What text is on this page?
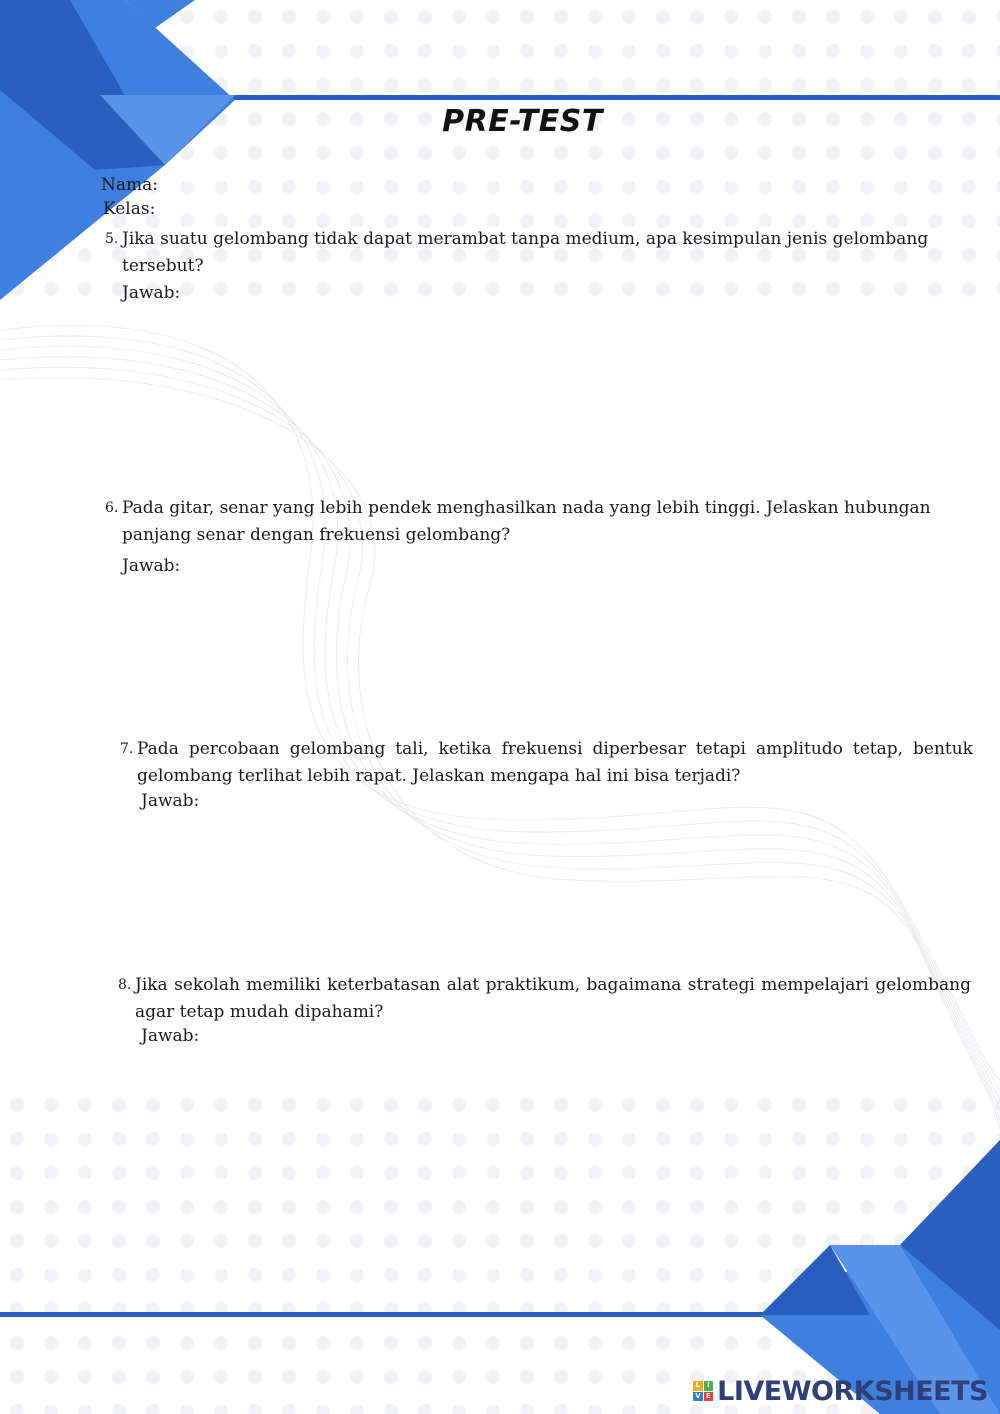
PRE-TEST
Nama:
Kelas:
5. Jika suatu gelombang tidak dapat merambat tanpa medium, apa kesimpulan jenis gelombang tersebut?
Jawab:
6. Pada gitar, senar yang lebih pendek menghasilkan nada yang lebih tinggi. Jelaskan hubungan panjang senar dengan frekuensi gelombang?
Jawab:
7. Pada percobaan gelombang tali, ketika frekuensi diperbesar tetapi amplitudo tetap, bentuk gelombang terlihat lebih rapat. Jelaskan mengapa hal ini bisa terjadi?
Jawab:
8. Jika sekolah memiliki keterbatasan alat praktikum, bagaimana strategi mempelajari gelombang agar tetap mudah dipahami?
Jawab:
L I
V E LIVEWORKSHEETS
